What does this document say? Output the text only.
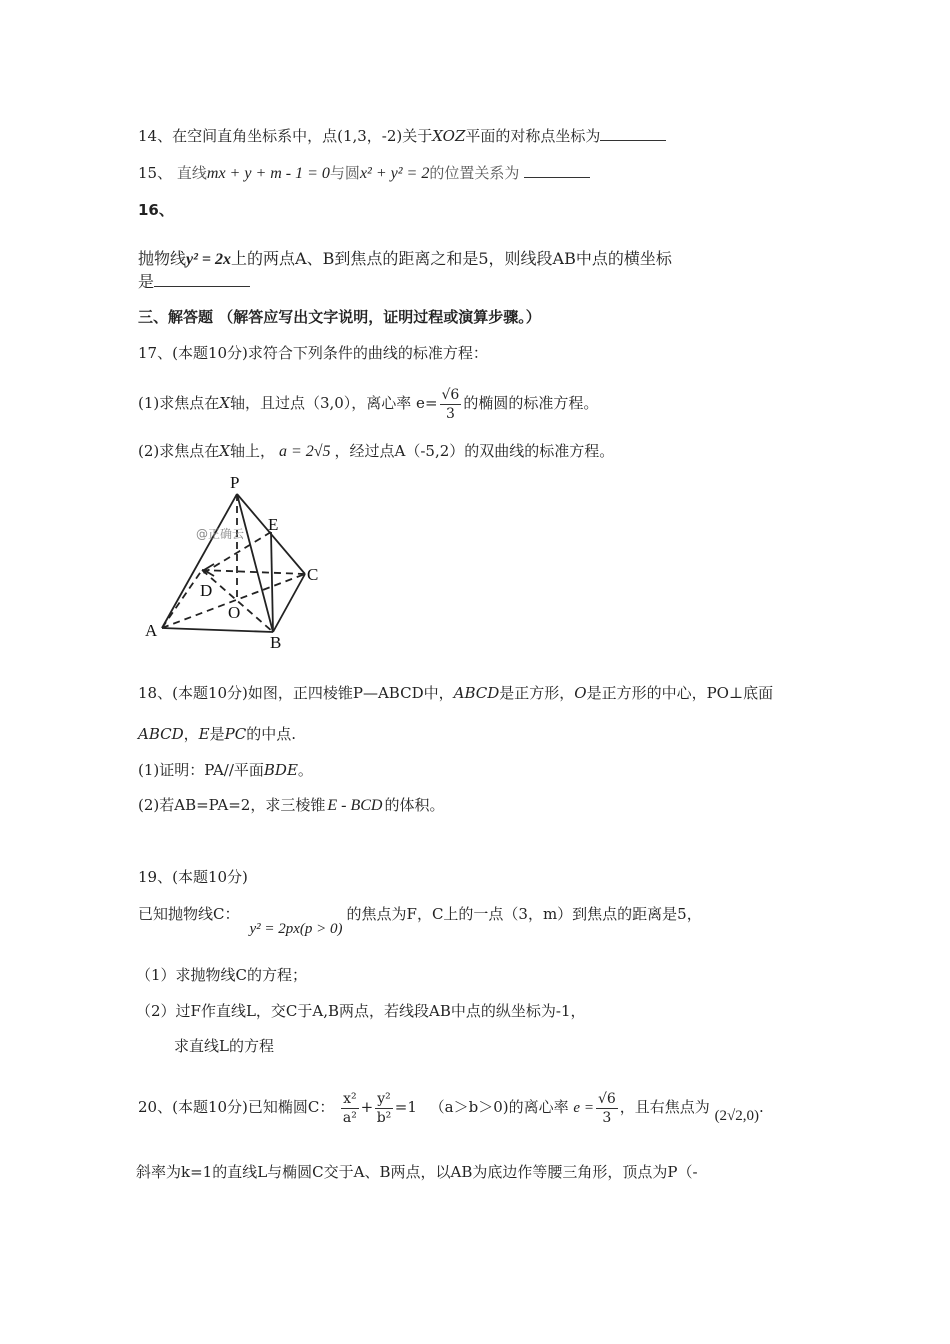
14、在空间直角坐标系中，点(1,3，-2)关于XOZ平面的对称点坐标为
15、 直线mx + y + m - 1 = 0与圆x² + y² = 2的位置关系为
16、
抛物线y² = 2x上的两点A、B到焦点的距离之和是5，则线段AB中点的横坐标
是
三、解答题 （解答应写出文字说明，证明过程或演算步骤。）
17、(本题10分)求符合下列条件的曲线的标准方程：
(1)求焦点在X轴，且过点（3,0），离心率 $e= \frac{√6}{3}$ 的椭圆的标准方程。
(2)求焦点在X轴上， a = 2√5 ，经过点A（-5,2）的双曲线的标准方程。
P
E
C
D
O
A
B
@正确云
18、(本题10分)如图，正四棱锥P—ABCD中，ABCD是正方形，O是正方形的中心，PO⊥底面
ABCD，E是PC的中点.
(1)证明：PA//平面BDE。
(2)若AB=PA=2，求三棱锥 E - BCD 的体积。
19、(本题10分)
已知抛物线C：y² = 2px(p > 0)的焦点为F，C上的一点（3，m）到焦点的距离是5，
（1）求抛物线C的方程；
（2）过F作直线L，交C于A,B两点，若线段AB中点的纵坐标为-1，
求直线L的方程
20、(本题10分)已知椭圆C： $\frac{\text{x²}}{\text{a²}} + \frac{\text{y²}}{\text{b²}} =1$ （a＞b＞0)的离心率 $e = \frac{√6}{3}$ ，且右焦点为 (2√2,0).
斜率为k=1的直线L与椭圆C交于A、B两点，以AB为底边作等腰三角形，顶点为P（-
